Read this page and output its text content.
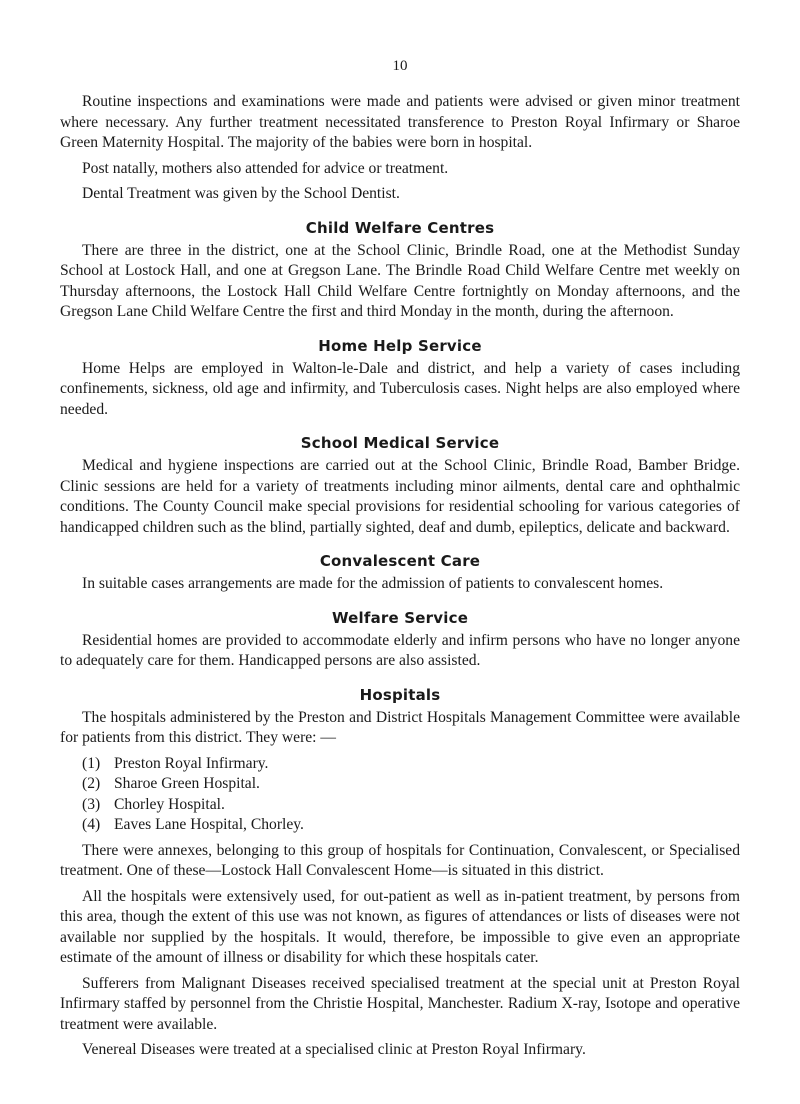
10

Routine inspections and examinations were made and patients were advised or given minor treatment where necessary. Any further treatment necessitated transference to Preston Royal Infirmary or Sharoe Green Maternity Hospital. The majority of the babies were born in hospital.

Post natally, mothers also attended for advice or treatment.

Dental Treatment was given by the School Dentist.

Child Welfare Centres

There are three in the district, one at the School Clinic, Brindle Road, one at the Methodist Sunday School at Lostock Hall, and one at Gregson Lane. The Brindle Road Child Welfare Centre met weekly on Thursday afternoons, the Lostock Hall Child Welfare Centre fortnightly on Monday afternoons, and the Gregson Lane Child Welfare Centre the first and third Monday in the month, during the afternoon.

Home Help Service

Home Helps are employed in Walton-le-Dale and district, and help a variety of cases including confinements, sickness, old age and infirmity, and Tuberculosis cases. Night helps are also employed where needed.

School Medical Service

Medical and hygiene inspections are carried out at the School Clinic, Brindle Road, Bamber Bridge. Clinic sessions are held for a variety of treatments including minor ailments, dental care and ophthalmic conditions. The County Council make special provisions for residential schooling for various categories of handicapped children such as the blind, partially sighted, deaf and dumb, epileptics, delicate and backward.

Convalescent Care

In suitable cases arrangements are made for the admission of patients to convalescent homes.

Welfare Service

Residential homes are provided to accommodate elderly and infirm persons who have no longer anyone to adequately care for them. Handicapped persons are also assisted.

Hospitals

The hospitals administered by the Preston and District Hospitals Management Committee were available for patients from this district. They were: —

(1) Preston Royal Infirmary.
(2) Sharoe Green Hospital.
(3) Chorley Hospital.
(4) Eaves Lane Hospital, Chorley.

There were annexes, belonging to this group of hospitals for Continuation, Convalescent, or Specialised treatment. One of these—Lostock Hall Convalescent Home—is situated in this district.

All the hospitals were extensively used, for out-patient as well as in-patient treatment, by persons from this area, though the extent of this use was not known, as figures of attendances or lists of diseases were not available nor supplied by the hospitals. It would, therefore, be impossible to give even an appropriate estimate of the amount of illness or disability for which these hospitals cater.

Sufferers from Malignant Diseases received specialised treatment at the special unit at Preston Royal Infirmary staffed by personnel from the Christie Hospital, Manchester. Radium X-ray, Isotope and operative treatment were available.

Venereal Diseases were treated at a specialised clinic at Preston Royal Infirmary.
